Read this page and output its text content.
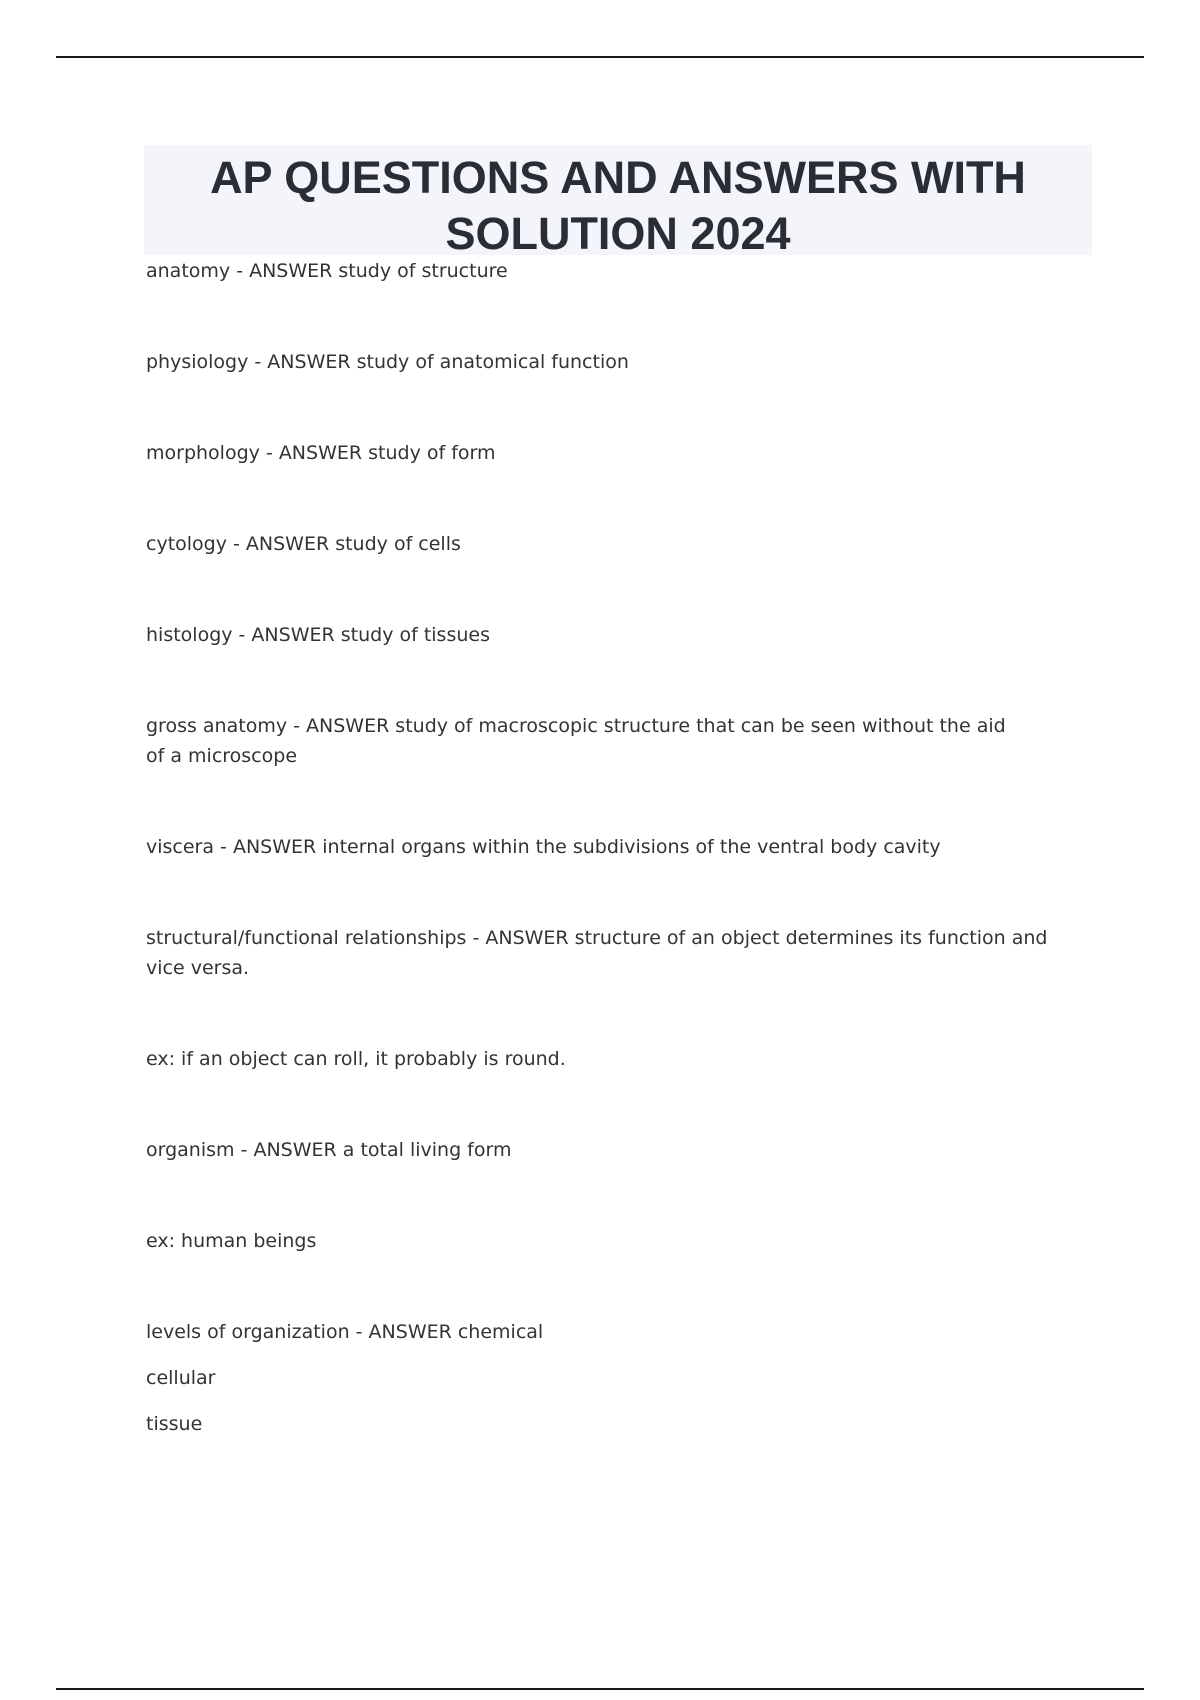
AP QUESTIONS AND ANSWERS WITH
SOLUTION 2024

anatomy - ANSWER study of structure

physiology - ANSWER study of anatomical function

morphology - ANSWER study of form

cytology - ANSWER study of cells

histology - ANSWER study of tissues

gross anatomy - ANSWER study of macroscopic structure that can be seen without the aid of a microscope

viscera - ANSWER internal organs within the subdivisions of the ventral body cavity

structural/functional relationships - ANSWER structure of an object determines its function and vice versa.

ex: if an object can roll, it probably is round.

organism - ANSWER a total living form

ex: human beings

levels of organization - ANSWER chemical

cellular

tissue
